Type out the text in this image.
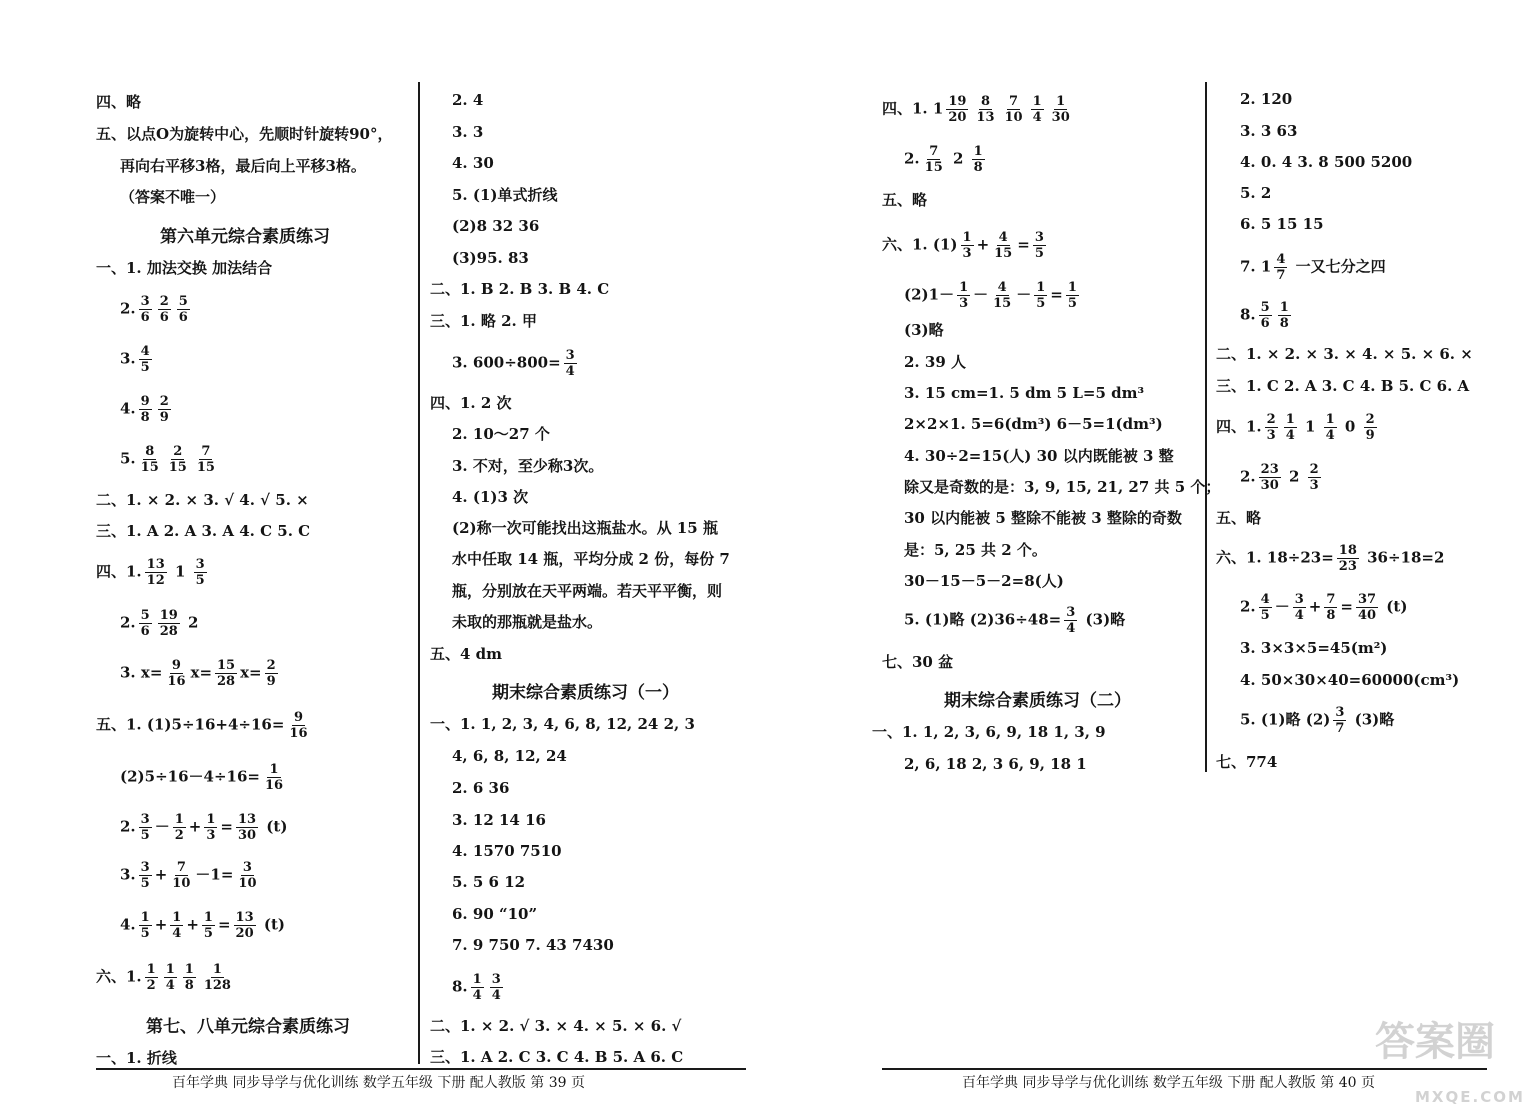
百年学典 同步导学与优化训练 数学五年级 下册 配人教版 第 39 页	百年学典 同步导学与优化训练 数学五年级 下册 配人教版 第 40 页
答案圈
MXQE.COM
第六单元综合素质练习
期末综合素质练习（一）
第七、八单元综合素质练习
四、略
五、以点O为旋转中心，先顺时针旋转90°，
再向右平移3格，最后向上平移3格。
（答案不唯一）
一、1. 加法交换 加法结合
五、4 dm
一、1. 折线
二、1. × 2. × 3. √ 4. √ 5. ×
三、1. A 2. A 3. A 4. C 5. C
2. 4
3. 3
4. 30
5. (1)单式折线
(2)8 32 36
(3)95. 83
二、1. B 2. B 3. B 4. C
三、1. 略 2. 甲
四、1. 2 次
2. 10～27 个
3. 不对，至少称3次。
4. (1)3 次
(2)称一次可能找出这瓶盐水。从 15 瓶
水中任取 14 瓶，平均分成 2 份，每份 7
瓶，分别放在天平两端。若天平平衡，则
未取的那瓶就是盐水。
一、1. 1, 2, 3, 4, 6, 8, 12, 24 2, 3
4, 6, 8, 12, 24
2. 6 36
3. 12 14 16
4. 1570 7510
5. 5 6 12
6. 90 “10”
7. 9 750 7. 43 7430
二、1. × 2. √ 3. × 4. × 5. × 6. √
三、1. A 2. C 3. C 4. B 5. A 6. C
2. $\frac{3}{6} \frac{2}{6} \frac{5}{6}$
3. $\frac{4}{5}$
4. $\frac{9}{8} \frac{2}{9}$
5. $\frac{8}{15} \frac{2}{15} \frac{7}{15}$
四、1. $\frac{13}{12} 1 \frac{3}{5}$
2. $\frac{5}{6} \frac{19}{28} 2$
3. $x= \frac{9}{16} x= \frac{15}{28} x= \frac{2}{9}$
五、1. $(1)5\div 16+4\div 16= \frac{9}{16}$
$(2)5\div 16-4\div 16= \frac{1}{16}$
2. $\frac{3}{5} - \frac{1}{2} + \frac{1}{3} = \frac{13}{30} (t)$
3. $\frac{3}{5} + \frac{7}{10} -1= \frac{3}{10}$
4. $\frac{1}{5} + \frac{1}{4} + \frac{1}{5} = \frac{13}{20} (t)$
六、1. $\frac{1}{2} \frac{1}{4} \frac{1}{8} \frac{1}{128}$
3. $600\div 800= \frac{3}{4}$
8. $\frac{1}{4} \frac{3}{4}$
期末综合素质练习（二）
五、略
(3)略
2. 39 人
3. 15 cm=1. 5 dm 5 L=5 dm³
2×2×1. 5=6(dm³) 6－5=1(dm³)
4. 30÷2=15(人) 30 以内既能被 3 整
除又是奇数的是：3, 9, 15, 21, 27 共 5 个；
30 以内能被 5 整除不能被 3 整除的奇数
是：5, 25 共 2 个。
30－15－5－2=8(人)
七、30 盆
一、1. 1, 2, 3, 6, 9, 18 1, 3, 9
2, 6, 18 2, 3 6, 9, 18 1
2. 120
3. 3 63
4. 0. 4 3. 8 500 5200
5. 2
6. 5 15 15
二、1. × 2. × 3. × 4. × 5. × 6. ×
三、1. C 2. A 3. C 4. B 5. C 6. A
五、略
3. 3×3×5=45(m²)
4. 50×30×40=60000(cm³)
七、774
四、1. $1 \frac{19}{20} \frac{8}{13} \frac{7}{10} \frac{1}{4} \frac{1}{30}$
2. $\frac{7}{15} 2 \frac{1}{8}$
六、1. $(1) \frac{1}{3} + \frac{4}{15} = \frac{3}{5}$
$(2)1- \frac{1}{3} - \frac{4}{15} - \frac{1}{5} = \frac{1}{5}$
5. (1)略 $(2)36\div 48= \frac{3}{4} (3)$略
7. $1 \frac{4}{7}$ 一又七分之四
8. $\frac{5}{6} \frac{1}{8}$
四、1. $\frac{2}{3} \frac{1}{4} 1 \frac{1}{4} 0 \frac{2}{9}$
2. $\frac{23}{30} 2 \frac{2}{3}$
六、1. $18\div 23= \frac{18}{23} 36\div 18=2$
2. $\frac{4}{5} - \frac{3}{4} + \frac{7}{8} = \frac{37}{40} (t)$
5. (1)略 $(2) \frac{3}{7} (3)$略
